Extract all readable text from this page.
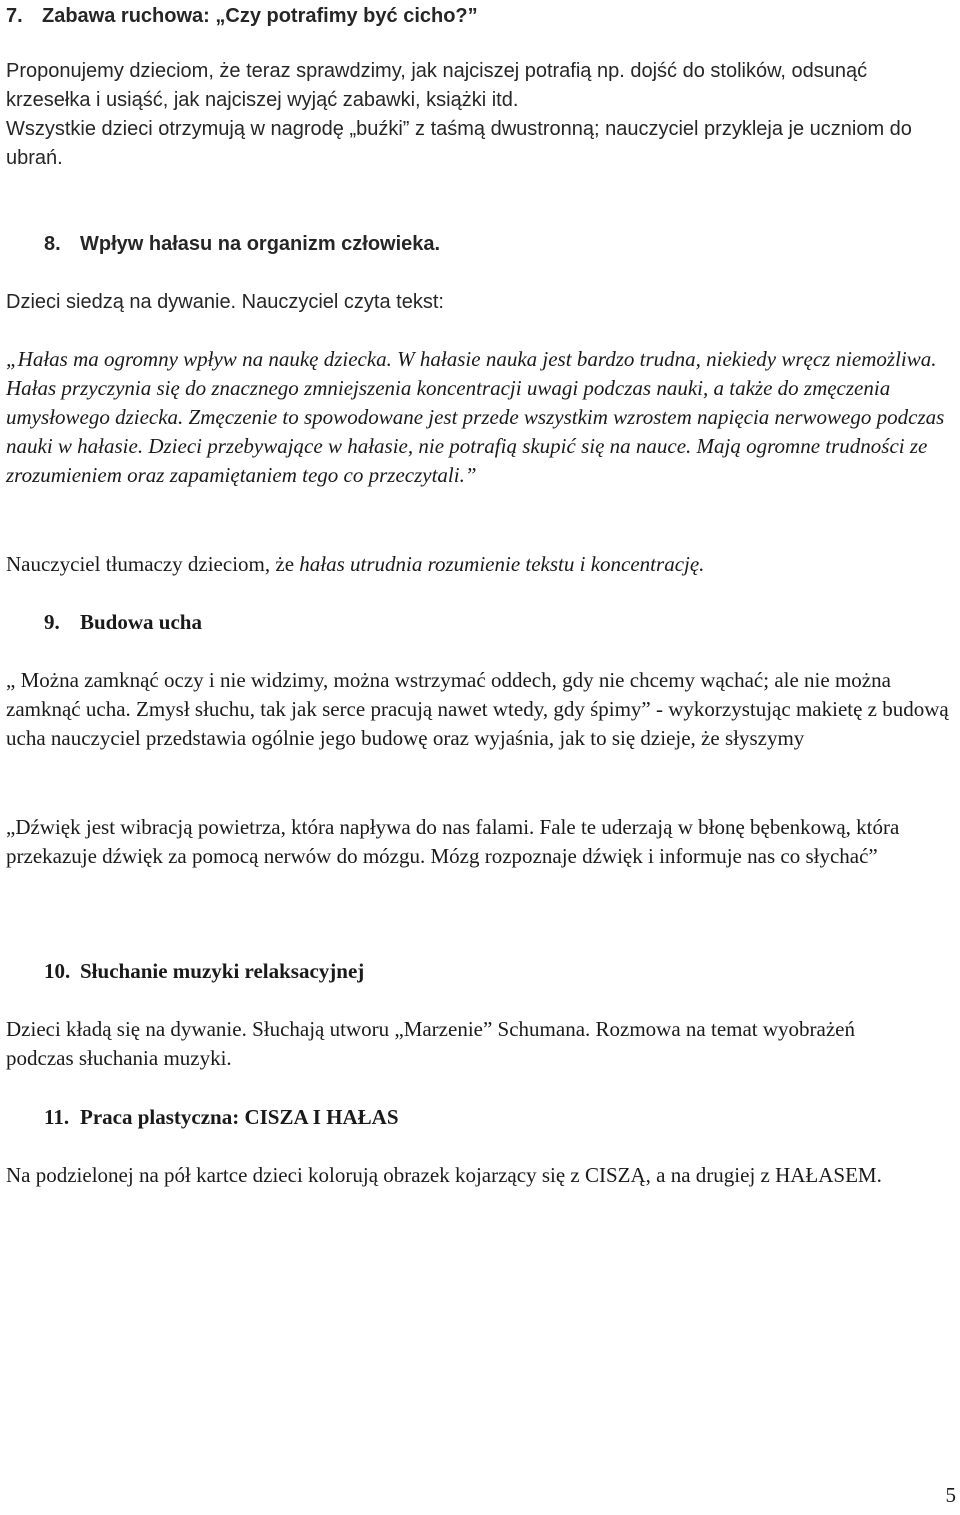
7. Zabawa ruchowa: „Czy potrafimy być cicho?”

Proponujemy dzieciom, że teraz sprawdzimy, jak najciszej potrafią np. dojść do stolików, odsunąć krzesełka i usiąść, jak najciszej wyjąć zabawki, książki itd.

Wszystkie dzieci otrzymują w nagrodę „buźki” z taśmą dwustronną; nauczyciel przykleja je uczniom do ubrań.

8. Wpływ hałasu na organizm człowieka.

Dzieci siedzą na dywanie. Nauczyciel czyta tekst:

„Hałas ma ogromny wpływ na naukę dziecka. W hałasie nauka jest bardzo trudna, niekiedy wręcz niemożliwa. Hałas przyczynia się do znacznego zmniejszenia koncentracji uwagi podczas nauki, a także do zmęczenia umysłowego dziecka. Zmęczenie to spowodowane jest przede wszystkim wzrostem napięcia nerwowego podczas nauki w hałasie. Dzieci przebywające w hałasie, nie potrafią skupić się na nauce. Mają ogromne trudności ze zrozumieniem oraz zapamiętaniem tego co przeczytali.”

Nauczyciel tłumaczy dzieciom, że hałas utrudnia rozumienie tekstu i koncentrację.

9. Budowa ucha

„ Można zamknąć oczy i nie widzimy, można wstrzymać oddech, gdy nie chcemy wąchać; ale nie można zamknąć ucha. Zmysł słuchu, tak jak serce pracują nawet wtedy, gdy śpimy” - wykorzystując makietę z budową ucha nauczyciel przedstawia ogólnie jego budowę oraz wyjaśnia, jak to się dzieje, że słyszymy

„Dźwięk jest wibracją powietrza, która napływa do nas falami. Fale te uderzają w błonę bębenkową, która przekazuje dźwięk za pomocą nerwów do mózgu. Mózg rozpoznaje dźwięk i informuje nas co słychać”

10. Słuchanie muzyki relaksacyjnej

Dzieci kładą się na dywanie. Słuchają utworu „Marzenie” Schumana. Rozmowa na temat wyobrażeń podczas słuchania muzyki.

11. Praca plastyczna: CISZA I HAŁAS

Na podzielonej na pół kartce dzieci kolorują obrazek kojarzący się z CISZĄ, a na drugiej z HAŁASEM.

5
